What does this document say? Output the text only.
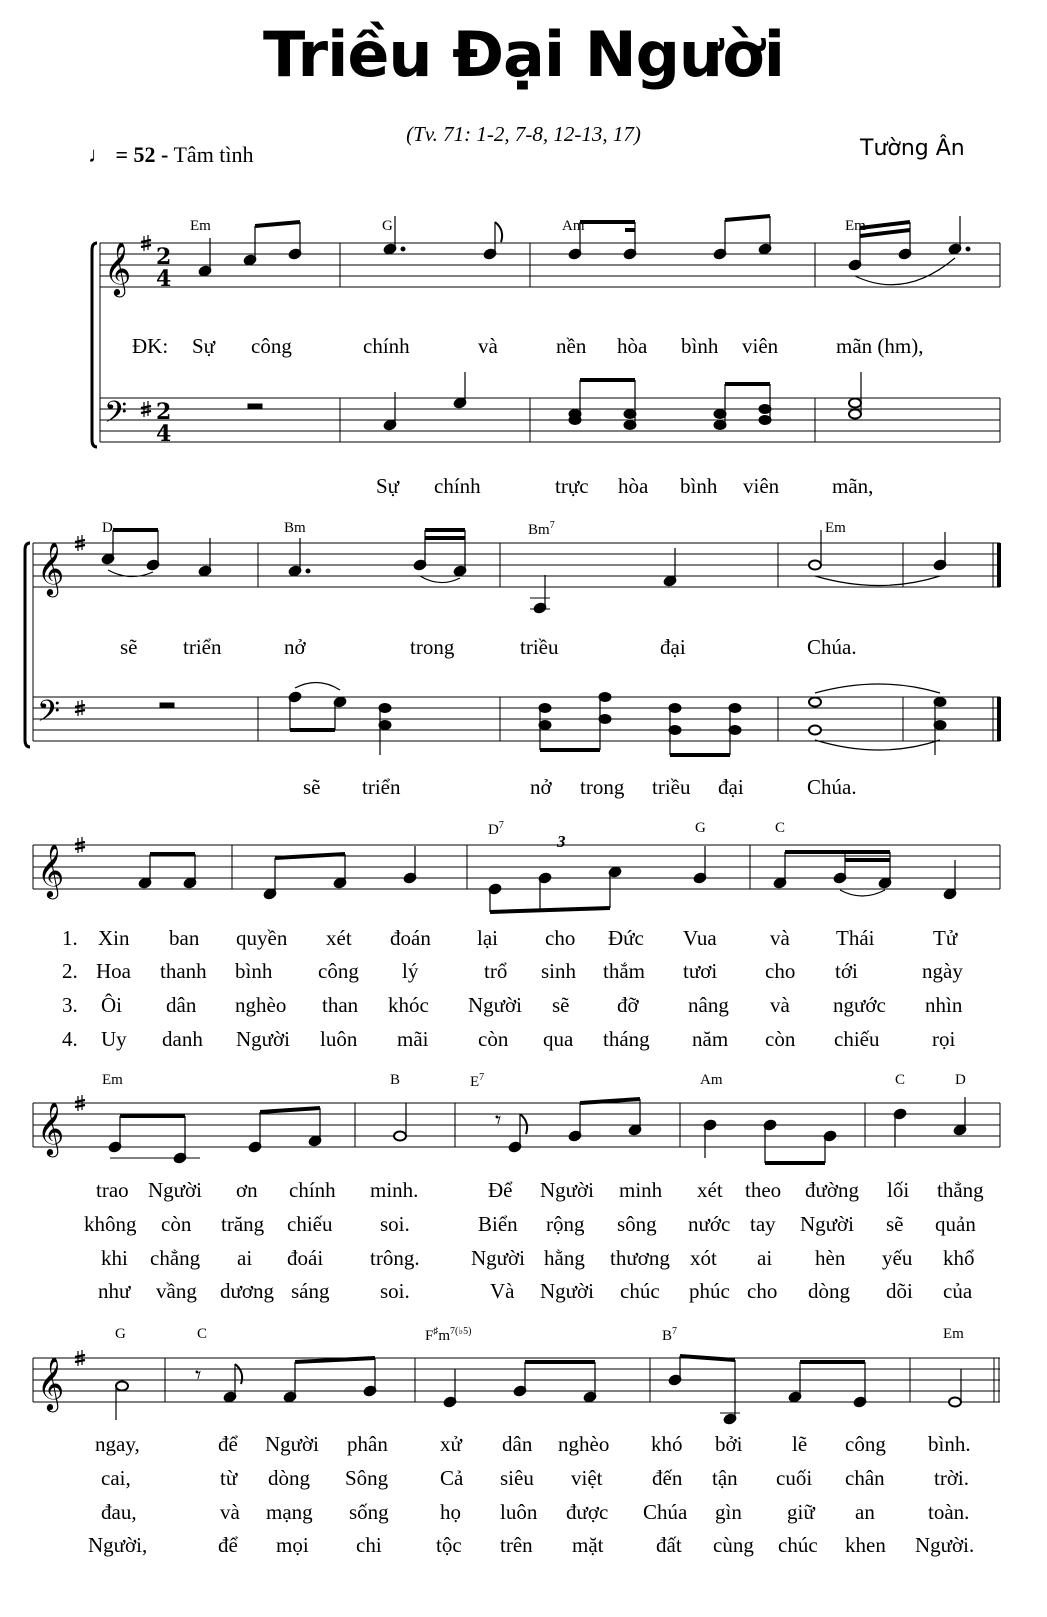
Triều Đại Người
(Tv. 71: 1-2, 7-8, 12-13, 17)
Tường Ân
♩ = 52 - Tâm tình
𝄞
𝄢
2
4
2
4
𝄞
𝄢
𝄞
𝄞	𝄾
𝄞	𝄾
Em	G	Am	Em
D	Bm	Bm$^7$	Em
$D^7$	G	C
3
Em	B	$E^7$	Am	C	D
G	C	$F^♯m^{7(♭5)}$	$B^7$	Em
ĐK: Sự công	chính	và	nền hòa bình viên	mãn (hm),
Sự chính	trực hòa bình viên	mãn,
sẽ triển	nở	trong	triều	đại	Chúa.
sẽ triển	nở trong triều đại	Chúa.
1. Xin ban quyền xét đoán lại cho Đức Vua	và Thái	Tử
2. Hoa thanh bình công lý	trổ sinh thắm tươi cho tới	ngày
3. Ôi dân nghèo than khóc Người sẽ đỡ nâng và ngước nhìn
4. Uy danh Người luôn mãi còn qua tháng năm còn chiếu	rọi
trao Người ơn chính minh.	Để Người minh xét theo đường lối thẳng
không còn trăng chiếu soi.	Biển rộng sông nước tay Người sẽ quản
khi chẳng ai đoái trông. Người hằng thương xót ai hèn yếu khổ
như vầng dương sáng soi.	Và Người chúc phúc cho dòng dõi của
ngay,	để Người phân xử dân nghèo khó bởi lẽ công bình.
cai,	từ dòng Sông Cả siêu việt đến tận cuối chân trời.
đau,	và mạng sống họ luôn được Chúa gìn giữ an	toàn.
Người,	để mọi chi	tộc trên mặt	đất cùng chúc khen Người.
